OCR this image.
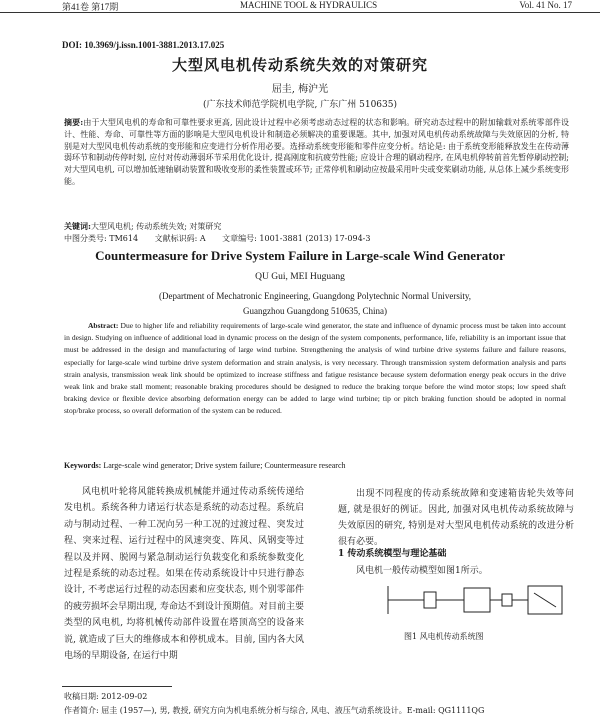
第41卷 第17期	MACHINE TOOL & HYDRAULICS	Vol. 41 No. 17
DOI: 10.3969/j.issn.1001-3881.2013.17.025
大型风电机传动系统失效的对策研究
屈圭, 梅沪光
(广东技术师范学院机电学院, 广东广州 510635)
摘要:由于大型风电机的寿命和可靠性要求更高, 因此设计过程中必须考虑动态过程的状态和影响。研究动态过程中的附加输载对系统零部件设计、性能、寿命、可靠性等方面的影响是大型风电机设计和制造必须解决的重要课题。其中, 加强对风电机传动系统故障与失效原因的分析, 特别是对大型风电机传动系统的变形能和应变进行分析作用必要。选择动系统变形能和零件应变分析。结论是: 由于系统变形能释放发生在传动薄弱环节和制动传停时刻, 应付对传动薄弱环节采用优化设计, 提高刚度和抗疲劳性能; 应设计合理的刷动程序, 在风电机停转前首先暂停刷动控制; 对大型风电机, 可以增加低速轴刷动装置和吸收变形的柔性装置或环节; 正常停机和刷动应按最采用叶尖或变桨刷动功能, 从总体上减少系统变形能。
关键词:大型风电机; 传动系统失效; 对策研究
中图分类号: TM614 文献标识码: A 文章编号: 1001-3881 (2013) 17-094-3
Countermeasure for Drive System Failure in Large-scale Wind Generator
QU Gui, MEI Huguang
(Department of Mechatronic Engineering, Guangdong Polytechnic Normal University,
Guangzhou Guangdong 510635, China)
Abstract: Due to higher life and reliability requirements of large-scale wind generator, the state and influence of dynamic process must be taken into account in design. Studying on influence of additional load in dynamic process on the design of the system components, performance, life, reliability is an important issue that must be addressed in the design and manufacturing of large wind turbine. Strengthening the analysis of wind turbine drive systems failure and failure reasons, especially for large-scale wind turbine drive system deformation and strain analysis, is very necessary. Through transmission system deformation analysis and parts strain analysis, transmission weak link should be optimized to increase stiffness and fatigue resistance because system deformation energy peak occurs in the drive weak link and brake stall moment; reasonable braking procedures should be designed to reduce the braking torque before the wind motor stops; low speed shaft braking device or flexible device absorbing deformation energy can be added to large wind turbine; tip or pitch braking function should be adopted in normal stop/brake process, so overall deformation of the system can be reduced.
Keywords: Large-scale wind generator; Drive system failure; Countermeasure research
风电机叶轮将风能转换成机械能并通过传动系统传递给发电机。系统各种力诸运行状态是系统的动态过程。系统启动与制动过程、一种工况向另一种工况的过渡过程、突发过程、突来过程、运行过程中的风速突变、阵风、风钢变等过程以及并网、脱网与紧急制动运行负载变化和系统参数变化过程是系统的动态过程。如果在传动系统设计中只进行静态设计, 不考虑运行过程的动态因素和应变状态, 则个别零部件的疲劳损坏会早期出现, 寿命达不到设计预期值。对目前主要类型的风电机, 均将机械传动部件设置在塔顶高空的设备来说, 就造成了巨大的维修成本和停机成本。目前, 国内各大风电场的早期设备, 在运行中期
出现不同程度的传动系统故障和变速箱齿轮失效等问题, 就是很好的例证。因此, 加强对风电机传动系统故障与失效原因的研究, 特别是对大型风电机传动系统的改进分析很有必要。
1 传动系统模型与理论基础
风电机一般传动模型如图1所示。
图1 风电机传动系统图
收稿日期: 2012-09-02
作者简介: 屈圭 (1957—), 男, 教授, 研究方向为机电系统分析与综合, 风电、液压气动系统设计。E-mail: QG1111QG
